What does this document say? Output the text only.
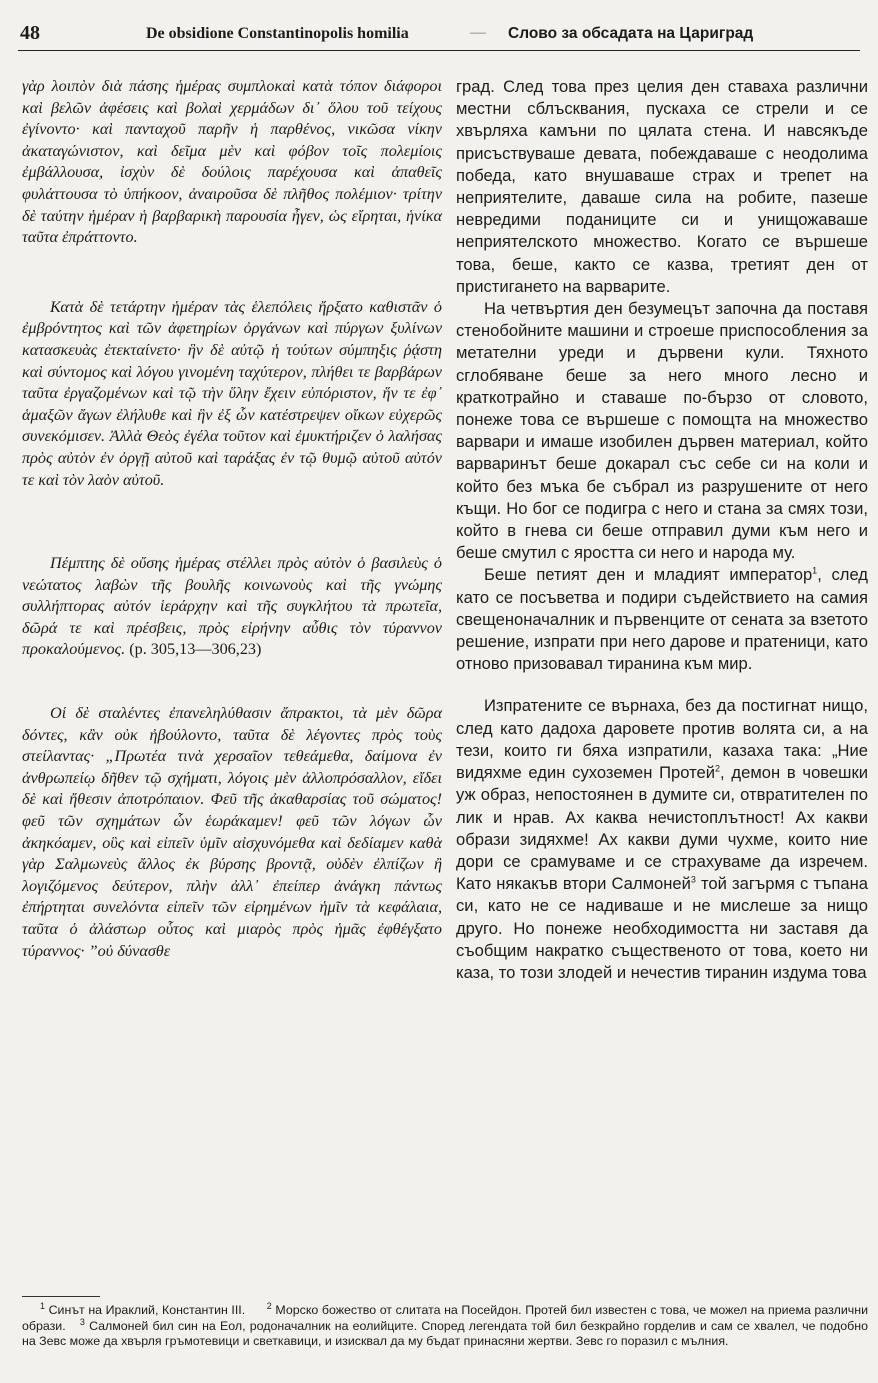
48	De obsidione Constantinopolis homilia	— Слово за обсадата на Цариград

γὰρ λοιπὸν διὰ πάσης ἡμέρας συμπλοκαὶ κατὰ τόπον διάφοροι καὶ βελῶν ἀφέσεις καὶ βολαὶ χερμάδων δι᾽ ὅλου τοῦ τείχους ἐγίνοντο· καὶ πανταχοῦ παρῆν ἡ παρθένος, νικῶσα νίκην ἀκαταγώνιστον, καὶ δεῖμα μὲν καὶ φόβον τοῖς πολεμίοις ἐμβάλλουσα, ἰσχὺν δὲ δούλοις παρέχουσα καὶ ἀπαθεῖς φυλάττουσα τὸ ὑπήκοον, ἀναιροῦσα δὲ πλῆθος πολέμιον· τρίτην δὲ ταύτην ἡμέραν ἡ βαρβαρικὴ παρουσία ἦγεν, ὡς εἴρηται, ἡνίκα ταῦτα ἐπράττοντο.

Κατὰ δὲ τετάρτην ἡμέραν τὰς ἑλεπόλεις ἤρξατο καθιστᾶν ὁ ἐμβρόντητος καὶ τῶν ἀφετηρίων ὀργάνων καὶ πύργων ξυλίνων κατασκευὰς ἐτεκταίνετο· ἣν δὲ αὐτῷ ἡ τούτων σύμπηξις ῥᾴστη καὶ σύντομος καὶ λόγου γινομένη ταχύτερον, πλήθει τε βαρβάρων ταῦτα ἐργαζομένων καὶ τῷ τὴν ὕλην ἔχειν εὐπόριστον, ἥν τε ἐφ᾽ ἁμαξῶν ἄγων ἐλήλυθε καὶ ἣν ἐξ ὧν κατέστρεψεν οἴκων εὐχερῶς συνεκόμισεν. Ἀλλὰ Θεὸς ἐγέλα τοῦτον καὶ ἐμυκτήριζεν ὁ λαλήσας πρὸς αὐτὸν ἐν ὀργῇ αὐτοῦ καὶ ταράξας ἐν τῷ θυμῷ αὐτοῦ αὐτόν τε καὶ τὸν λαὸν αὐτοῦ.

Πέμπτης δὲ οὔσης ἡμέρας στέλλει πρὸς αὐτὸν ὁ βασιλεὺς ὁ νεώτατος λαβὼν τῆς βουλῆς κοινωνοὺς καὶ τῆς γνώμης συλλήπτορας αὐτόν ἱεράρχην καὶ τῆς συγκλήτου τὰ πρωτεῖα, δῶρά τε καὶ πρέσβεις, πρὸς εἰρήνην αὖθις τὸν τύραννον προκαλούμενος. (p. 305,13—306,23)

Οἱ δὲ σταλέντες ἐπανεληλύθασιν ἄπρακτοι, τὰ μὲν δῶρα δόντες, κἂν οὐκ ἠβούλοντο, ταῦτα δὲ λέγοντες πρὸς τοὺς στείλαντας· „Πρωτέα τινὰ χερσαῖον τεθεάμεθα, δαίμονα ἐν ἀνθρωπείῳ δῆθεν τῷ σχήματι, λόγοις μὲν ἀλλοπρόσαλλον, εἴδει δὲ καὶ ἤθεσιν ἀποτρόπαιον. Φεῦ τῆς ἀκαθαρσίας τοῦ σώματος! φεῦ τῶν σχημάτων ὧν ἑωράκαμεν! φεῦ τῶν λόγων ὧν ἀκηκόαμεν, οὓς καὶ εἰπεῖν ὑμῖν αἰσχυνόμεθα καὶ δεδίαμεν καθὰ γὰρ Σαλμωνεὺς ἄλλος ἐκ βύρσης βροντᾷ, οὐδὲν ἐλπίζων ἢ λογιζόμενος δεύτερον, πλὴν ἀλλ᾽ ἐπείπερ ἀνάγκη πάντως ἐπήρτηται συνελόντα εἰπεῖν τῶν εἰρημένων ἡμῖν τὰ κεφάλαια, ταῦτα ὁ ἀλάστωρ οὗτος καὶ μιαρὸς πρὸς ἡμᾶς ἐφθέγξατο τύραννος· ”οὐ δύνασθε

град. След това през целия ден ставаха различни местни сблъсквания, пускаха се стрели и се хвърляха камъни по цялата стена. И навсякъде присъствуваше девата, побеждаваше с неодолима победа, като внушаваше страх и трепет на неприятелите, даваше сила на робите, пазеше невредими поданиците си и унищожаваше неприятелското множество. Когато се вършеше това, беше, както се казва, третият ден от пристигането на варварите.

На четвъртия ден безумецът започна да поставя стенобойните машини и строеше приспособления за метателни уреди и дървени кули. Тяхното сглобяване беше за него много лесно и краткотрайно и ставаше по-бързо от словото, понеже това се вършеше с помощта на множество варвари и имаше изобилен дървен материал, който варваринът беше докарал със себе си на коли и който без мъка бе събрал из разрушените от него къщи. Но бог се подигра с него и стана за смях този, който в гнева си беше отправил думи към него и беше смутил с яростта си него и народа му.

Беше петият ден и младият император$^1$, след като се посъветва и подири съдействието на самия свещеноначалник и първенците от сената за взетото решение, изпрати при него дарове и пратеници, като отново призовавал тиранина към мир.

Изпратените се върнаха, без да постигнат нищо, след като дадоха даровете против волята си, а на тези, които ги бяха изпратили, казаха така: „Ние видяхме един сухоземен Протей$^2$, демон в човешки уж образ, непостоянен в думите си, отвратителен по лик и нрав. Ах каква нечистоплътност! Ах какви образи зидяхме! Ах какви думи чухме, които ние дори се срамуваме и се страхуваме да изречем. Като някакъв втори Салмоней$^3$ той загърмя с тъпана си, като не се надиваше и не мислеше за нищо друго. Но понеже необходимостта ни заставя да съобщим накратко същественото от това, което ни каза, то този злодей и нечестив тиранин издума това

$^1$ Синът на Ираклий, Константин III. $^2$ Морско божество от слитата на Посейдон. Протей бил известен с това, че можел на приема различни образи. $^3$ Салмоней бил син на Еол, родоначалник на еолийците. Според легендата той бил безкрайно горделив и сам се хвалел, че подобно на Зевс може да хвърля гръмотевици и светкавици, и изисквал да му бъдат принасяни жертви. Зевс го поразил с мълния.
